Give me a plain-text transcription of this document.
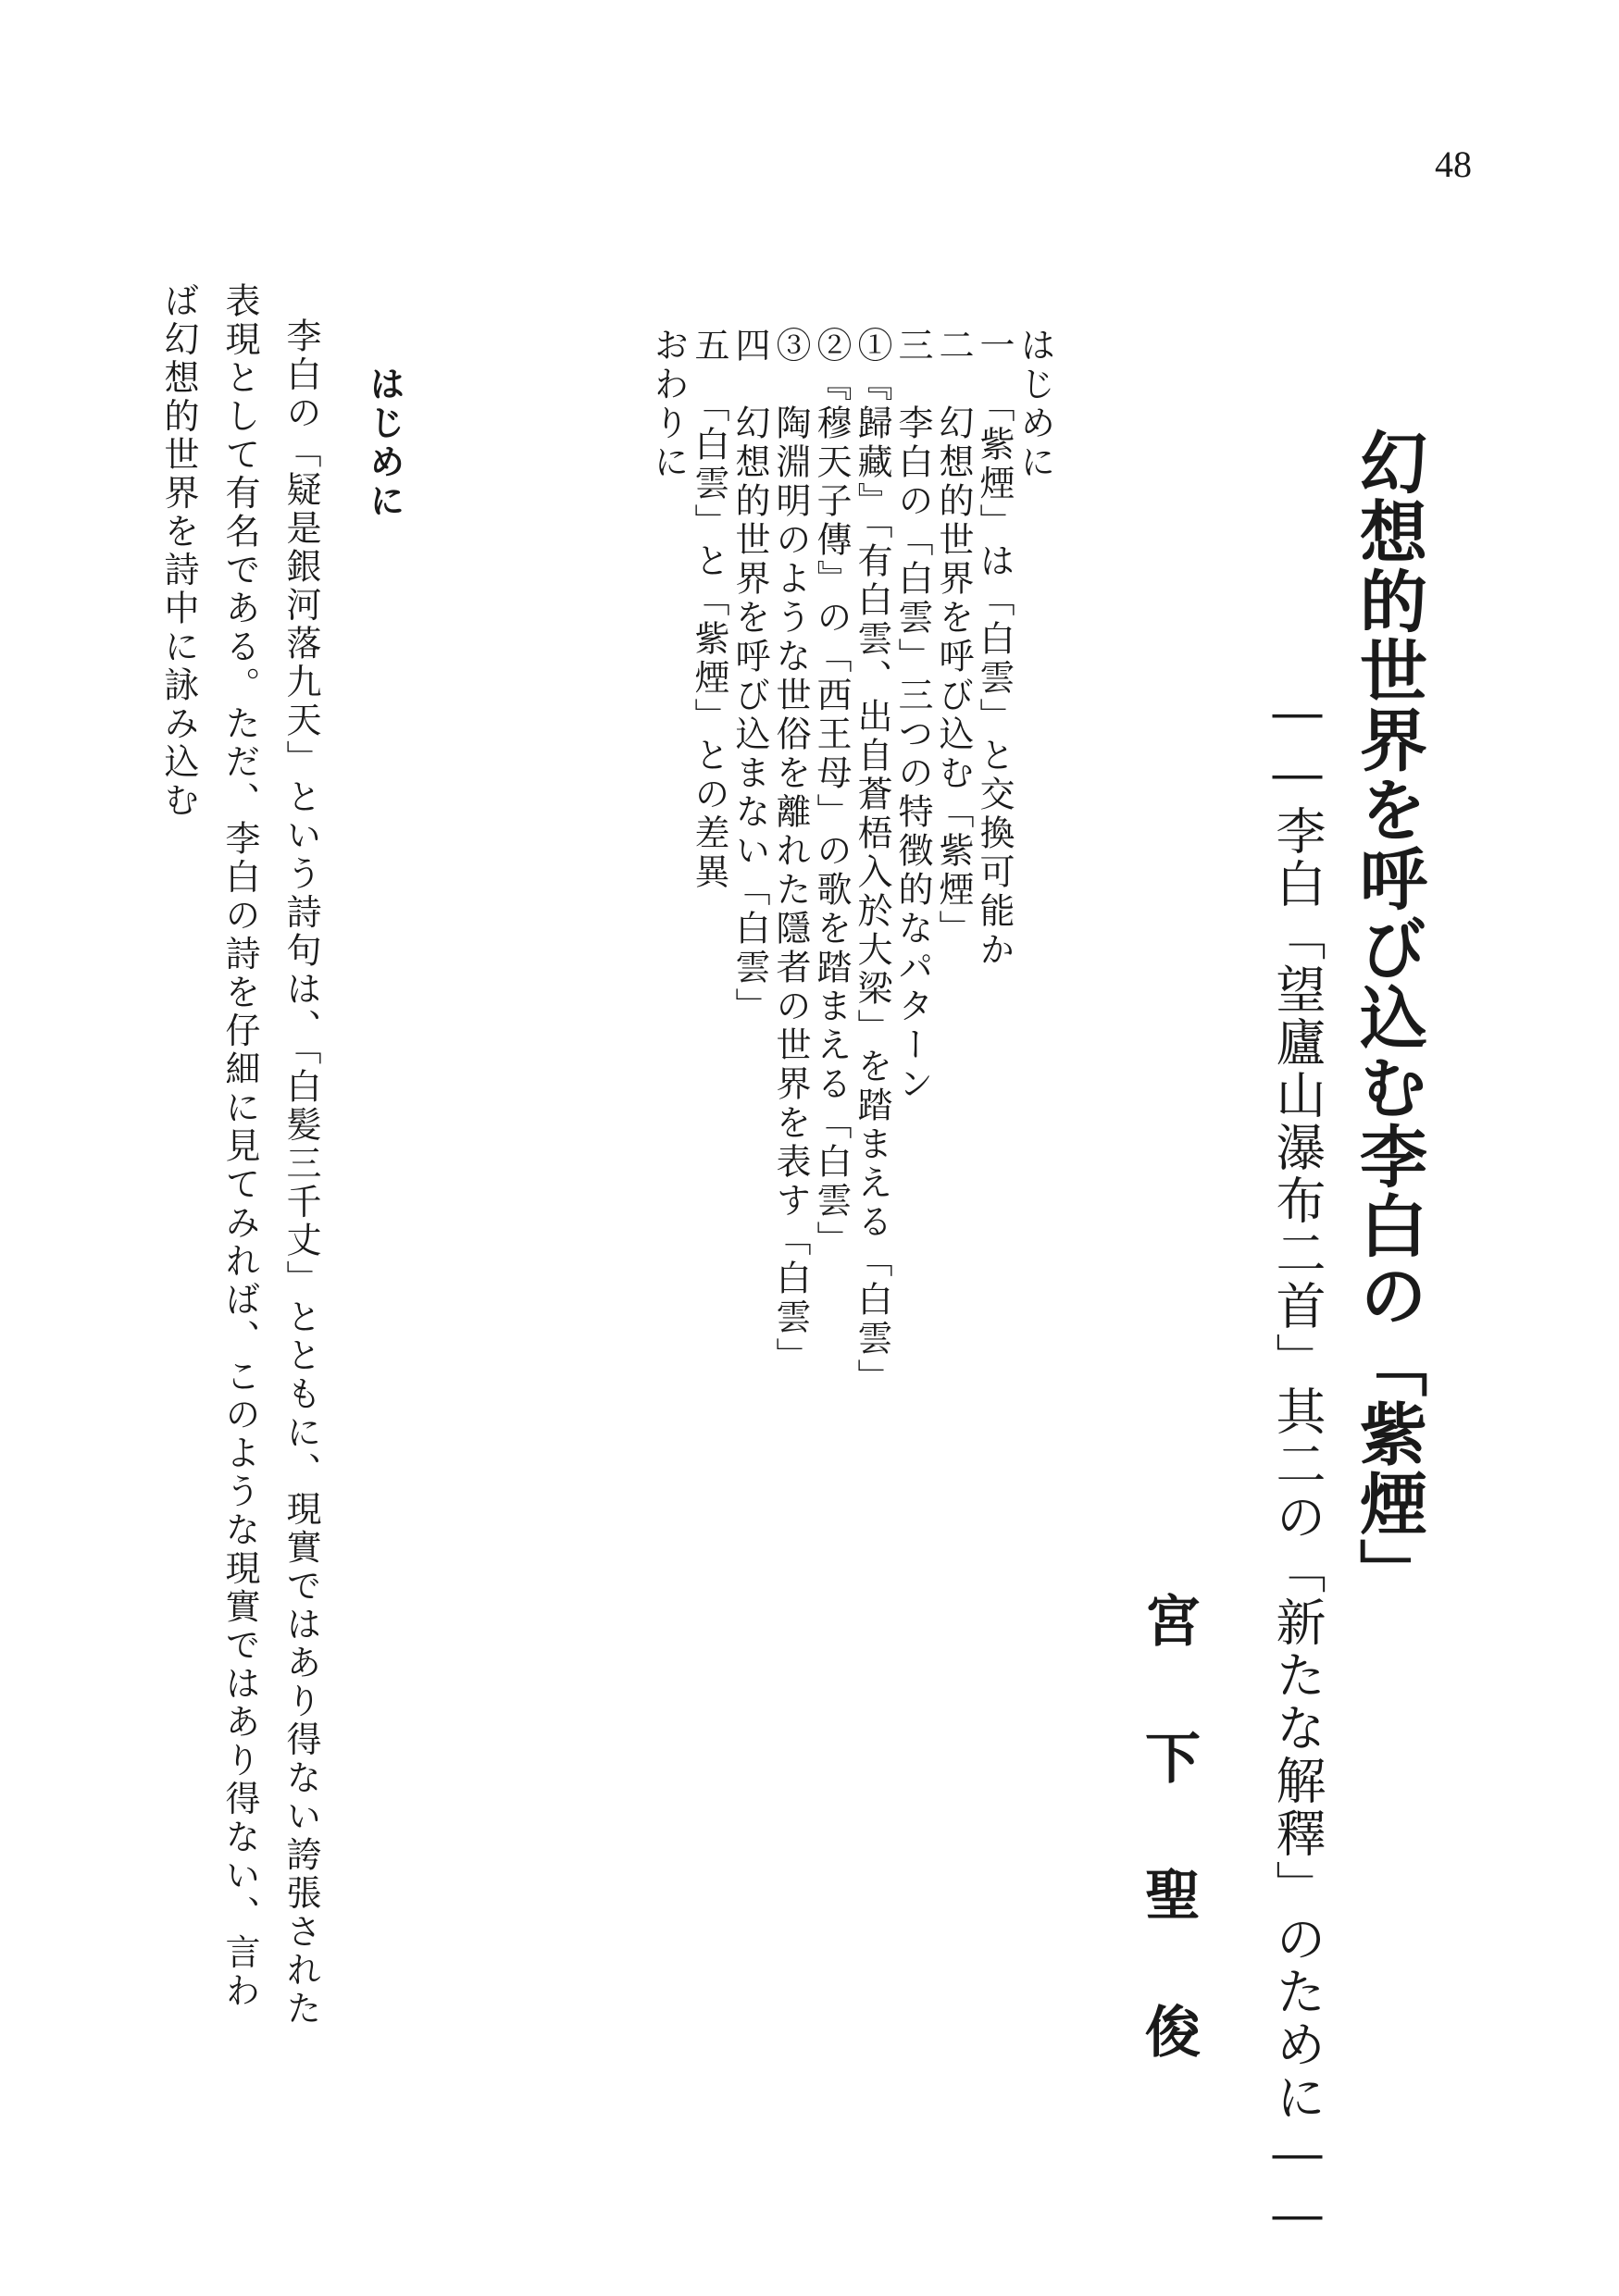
48
幻想的世界を呼び込む李白の「紫煙」
――李白「望廬山瀑布二首」其二の「新たな解釋」のために――
宮下聖俊
はじめに
一　「紫煙」は「白雲」と交換可能か
二　幻想的世界を呼び込む「紫煙」
三　李白の「白雲」三つの特徴的なパターン
①『歸藏』「有白雲、出自蒼梧入於大梁」を踏まえる「白雲」
②『穆天子傳』の「西王母」の歌を踏まえる「白雲」
③　陶淵明のような世俗を離れた隱者の世界を表す「白雲」
四　幻想的世界を呼び込まない「白雲」
五　「白雲」と「紫煙」との差異
おわりに
はじめに
李白の「疑是銀河落九天」という詩句は、「白髪三千丈」とともに、現實ではあり得ない誇張された表現として有名である。ただ、李白の詩を仔細に見てみれば、このような現實ではあり得ない、言わば幻想的世界を詩中に詠み込む
